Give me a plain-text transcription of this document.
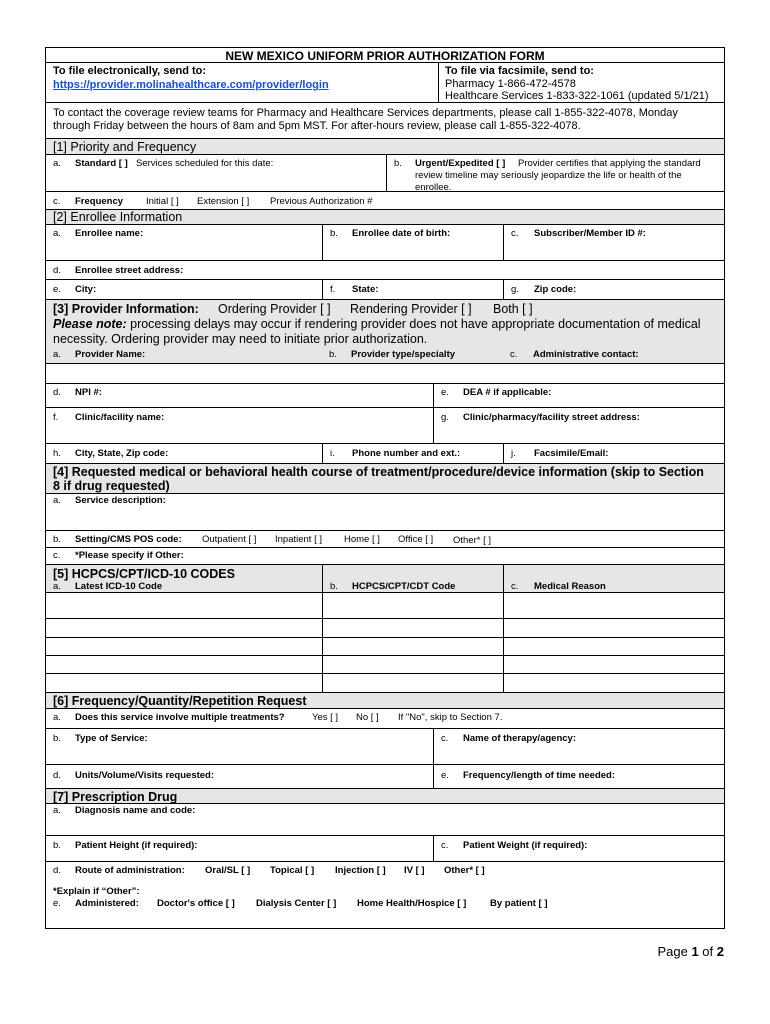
NEW MEXICO UNIFORM PRIOR AUTHORIZATION FORM
To file electronically, send to:
https://provider.molinahealthcare.com/provider/login
To file via facsimile, send to:
Pharmacy 1-866-472-4578
Healthcare Services 1-833-322-1061 (updated 5/1/21)
To contact the coverage review teams for Pharmacy and Healthcare Services departments, please call 1-855-322-4078, Monday
through Friday between the hours of 8am and 5pm MST. For after-hours review, please call 1-855-322-4078.
[1] Priority and Frequency
a. Standard [ ] Services scheduled for this date:	b. Urgent/Expedited [ ] Provider certifies that applying the standard
review timeline may seriously jeopardize the life or health of the
enrollee.
c. Frequency Initial [ ] Extension [ ] Previous Authorization #
[2] Enrollee Information
a. Enrollee name:	b. Enrollee date of birth:	c. Subscriber/Member ID #:
d. Enrollee street address:
e. City:	f. State:	g. Zip code:
[3] Provider Information: Ordering Provider [ ] Rendering Provider [ ] Both [ ]
Please note: processing delays may occur if rendering provider does not have appropriate documentation of medical
necessity. Ordering provider may need to initiate prior authorization.
a. Provider Name:	b. Provider type/specialty	c. Administrative contact:
d. NPI #:	e. DEA # if applicable:
f. Clinic/facility name:	g. Clinic/pharmacy/facility street address:
h. City, State, Zip code:	i. Phone number and ext.:	j. Facsimile/Email:
[4] Requested medical or behavioral health course of treatment/procedure/device information (skip to Section
8 if drug requested)
a. Service description:
b. Setting/CMS POS code: Outpatient [ ] Inpatient [ ] Home [ ] Office [ ] Other* [ ]
c. *Please specify if Other:
[5] HCPCS/CPT/ICD-10 CODES
a. Latest ICD-10 Code	b. HCPCS/CPT/CDT Code	c. Medical Reason
[6] Frequency/Quantity/Repetition Request
a. Does this service involve multiple treatments?	Yes [ ] No [ ] If "No", skip to Section 7.
b. Type of Service:	c. Name of therapy/agency:
d. Units/Volume/Visits requested:	e. Frequency/length of time needed:
[7] Prescription Drug
a. Diagnosis name and code:
b. Patient Height (if required):	c. Patient Weight (if required):
d. Route of administration: Oral/SL [ ] Topical [ ] Injection [ ] IV [ ] Other* [ ]
*Explain if “Other”:
e. Administered: Doctor's office [ ] Dialysis Center [ ] Home Health/Hospice [ ] By patient [ ]
Page 1 of 2
